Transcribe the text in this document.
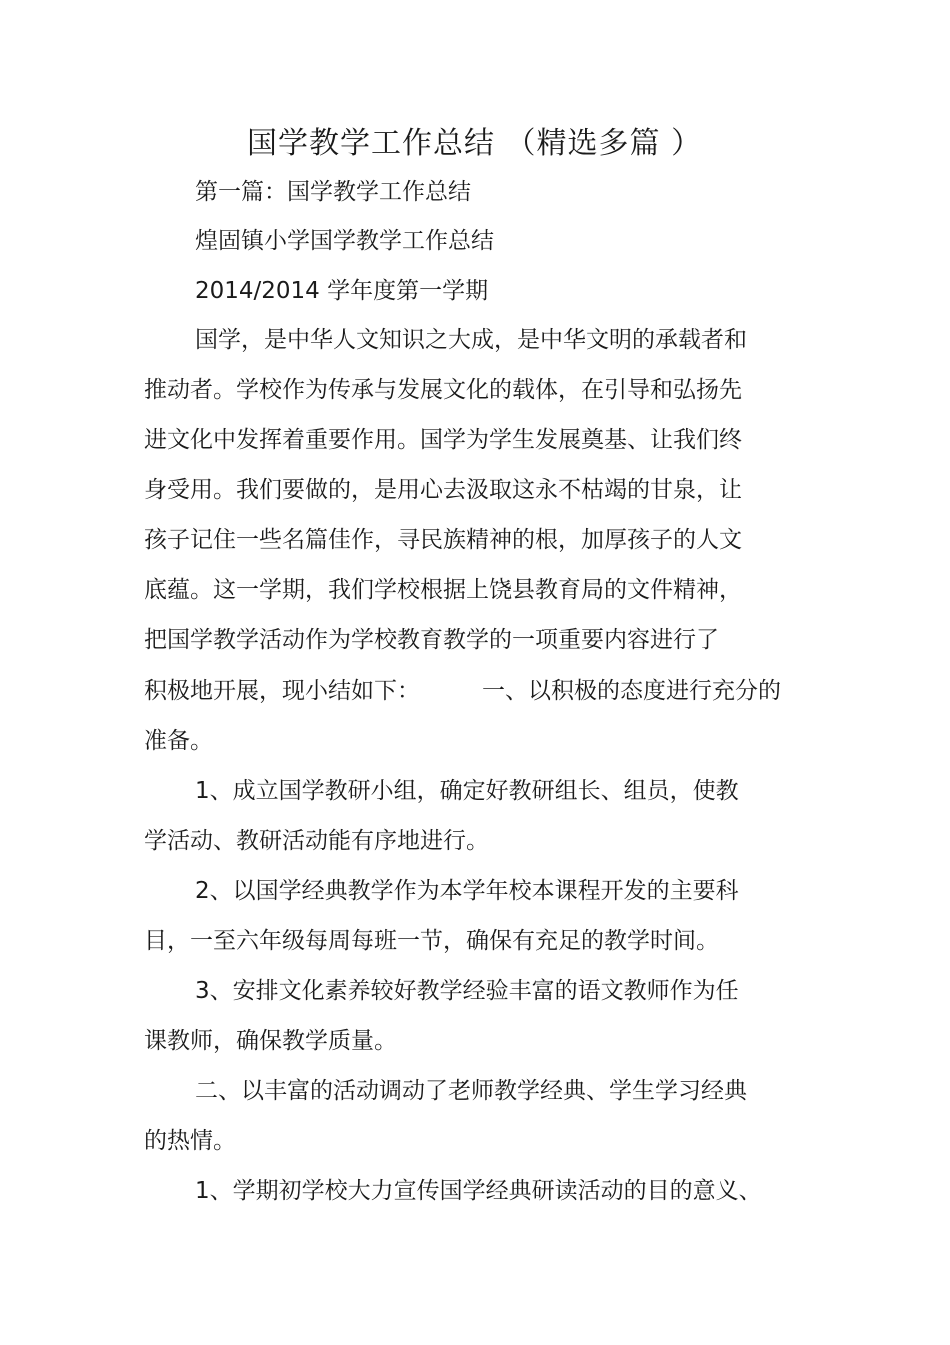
国学教学工作总结 （精选多篇 ）
第一篇：国学教学工作总结
煌固镇小学国学教学工作总结
2014/2014 学年度第一学期
国学，是中华人文知识之大成，是中华文明的承载者和
推动者。学校作为传承与发展文化的载体，在引导和弘扬先
进文化中发挥着重要作用。国学为学生发展奠基、让我们终
身受用。我们要做的，是用心去汲取这永不枯竭的甘泉，让
孩子记住一些名篇佳作，寻民族精神的根，加厚孩子的人文
底蕴。这一学期，我们学校根据上饶县教育局的文件精神，
把国学教学活动作为学校教育教学的一项重要内容进行了
积极地开展，现小结如下：	一、以积极的态度进行充分的
准备。
1、成立国学教研小组，确定好教研组长、组员，使教
学活动、教研活动能有序地进行。
2、以国学经典教学作为本学年校本课程开发的主要科
目，一至六年级每周每班一节，确保有充足的教学时间。
3、安排文化素养较好教学经验丰富的语文教师作为任
课教师，确保教学质量。
二、以丰富的活动调动了老师教学经典、学生学习经典
的热情。
1、学期初学校大力宣传国学经典研读活动的目的意义、
